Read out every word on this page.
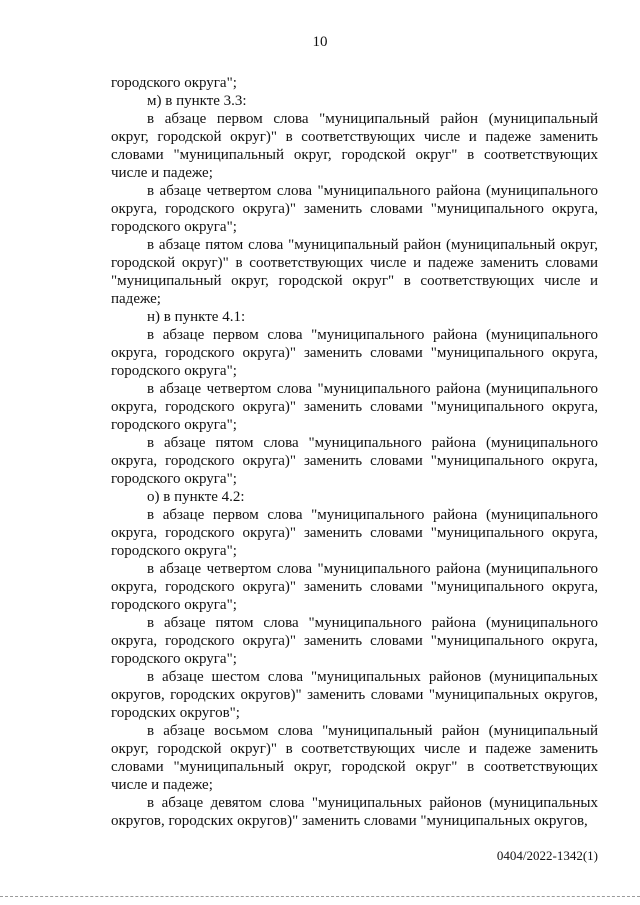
10

городского округа";

м) в пункте 3.3:

в абзаце первом слова "муниципальный район (муниципальный округ, городской округ)" в соответствующих числе и падеже заменить словами "муниципальный округ, городской округ" в соответствующих числе и падеже;

в абзаце четвертом слова "муниципального района (муниципального округа, городского округа)" заменить словами "муниципального округа, городского округа";

в абзаце пятом слова "муниципальный район (муниципальный округ, городской округ)" в соответствующих числе и падеже заменить словами "муниципальный округ, городской округ" в соответствующих числе и падеже;

н) в пункте 4.1:

в абзаце первом слова "муниципального района (муниципального округа, городского округа)" заменить словами "муниципального округа, городского округа";

в абзаце четвертом слова "муниципального района (муниципального округа, городского округа)" заменить словами "муниципального округа, городского округа";

в абзаце пятом слова "муниципального района (муниципального округа, городского округа)" заменить словами "муниципального округа, городского округа";

о) в пункте 4.2:

в абзаце первом слова "муниципального района (муниципального округа, городского округа)" заменить словами "муниципального округа, городского округа";

в абзаце четвертом слова "муниципального района (муниципального округа, городского округа)" заменить словами "муниципального округа, городского округа";

в абзаце пятом слова "муниципального района (муниципального округа, городского округа)" заменить словами "муниципального округа, городского округа";

в абзаце шестом слова "муниципальных районов (муниципальных округов, городских округов)" заменить словами "муниципальных округов, городских округов";

в абзаце восьмом слова "муниципальный район (муниципальный округ, городской округ)" в соответствующих числе и падеже заменить словами "муниципальный округ, городской округ" в соответствующих числе и падеже;

в абзаце девятом слова "муниципальных районов (муниципальных округов, городских округов)" заменить словами "муниципальных округов,

0404/2022-1342(1)
